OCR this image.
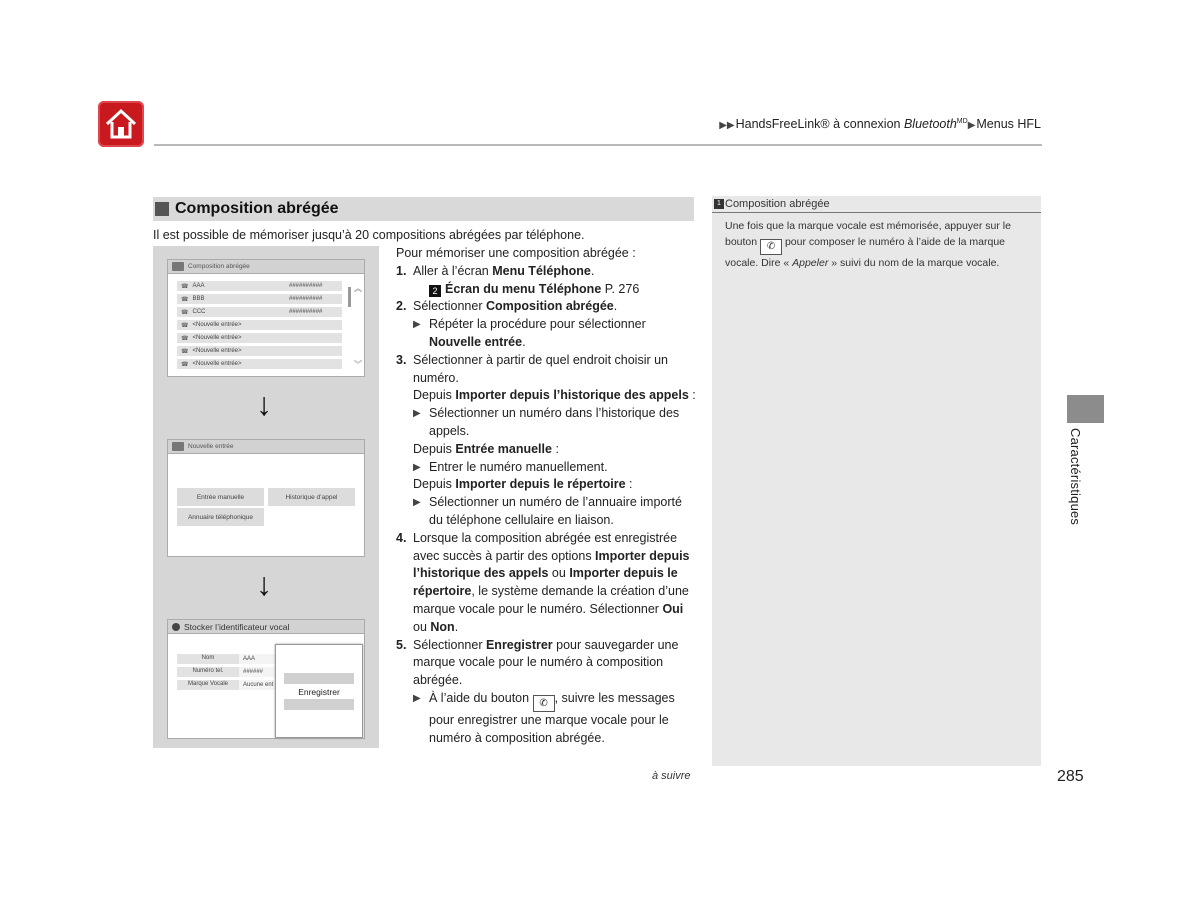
▶▶HandsFreeLink® à connexion Bluetooth$^{MD}$▶Menus HFL
Composition abrégée
Il est possible de mémoriser jusqu’à 20 compositions abrégées par téléphone.
Composition abrégée
☎ AAA	##########
☎ BBB	##########
☎ CCC	##########
☎ <Nouvelle entrée>
☎ <Nouvelle entrée>
☎ <Nouvelle entrée>
☎ <Nouvelle entrée>
︽
︾
↓
Nouvelle entrée
Entrée manuelle	Historique d’appel
Annuaire téléphonique
↓
Stocker l’identificateur vocal
Nom	AAA
Numéro tel.	######
Marque Vocale	Aucune ent
Enregistrer

Pour mémoriser une composition abrégée :

1. Aller à l’écran Menu Téléphone.

2 Écran du menu Téléphone P. 276

2. Sélectionner Composition abrégée.

▶ Répéter la procédure pour sélectionner Nouvelle entrée.

3. Sélectionner à partir de quel endroit choisir un numéro.

Depuis Importer depuis l’historique des appels :

▶ Sélectionner un numéro dans l’historique des appels.

Depuis Entrée manuelle :

▶ Entrer le numéro manuellement.

Depuis Importer depuis le répertoire :

▶ Sélectionner un numéro de l’annuaire importé du téléphone cellulaire en liaison.

4. Lorsque la composition abrégée est enregistrée avec succès à partir des options Importer depuis l’historique des appels ou Importer depuis le répertoire, le système demande la création d’une marque vocale pour le numéro. Sélectionner Oui ou Non.

5. Sélectionner Enregistrer pour sauvegarder une marque vocale pour le numéro à composition abrégée.

▶ À l’aide du bouton ✆ , suivre les messages pour enregistrer une marque vocale pour le numéro à composition abrégée.

1 Composition abrégée
Une fois que la marque vocale est mémorisée, appuyer sur le bouton ✆ pour composer le numéro à l’aide de la marque vocale. Dire « Appeler » suivi du nom de la marque vocale.
Caractéristiques
à suivre	285
